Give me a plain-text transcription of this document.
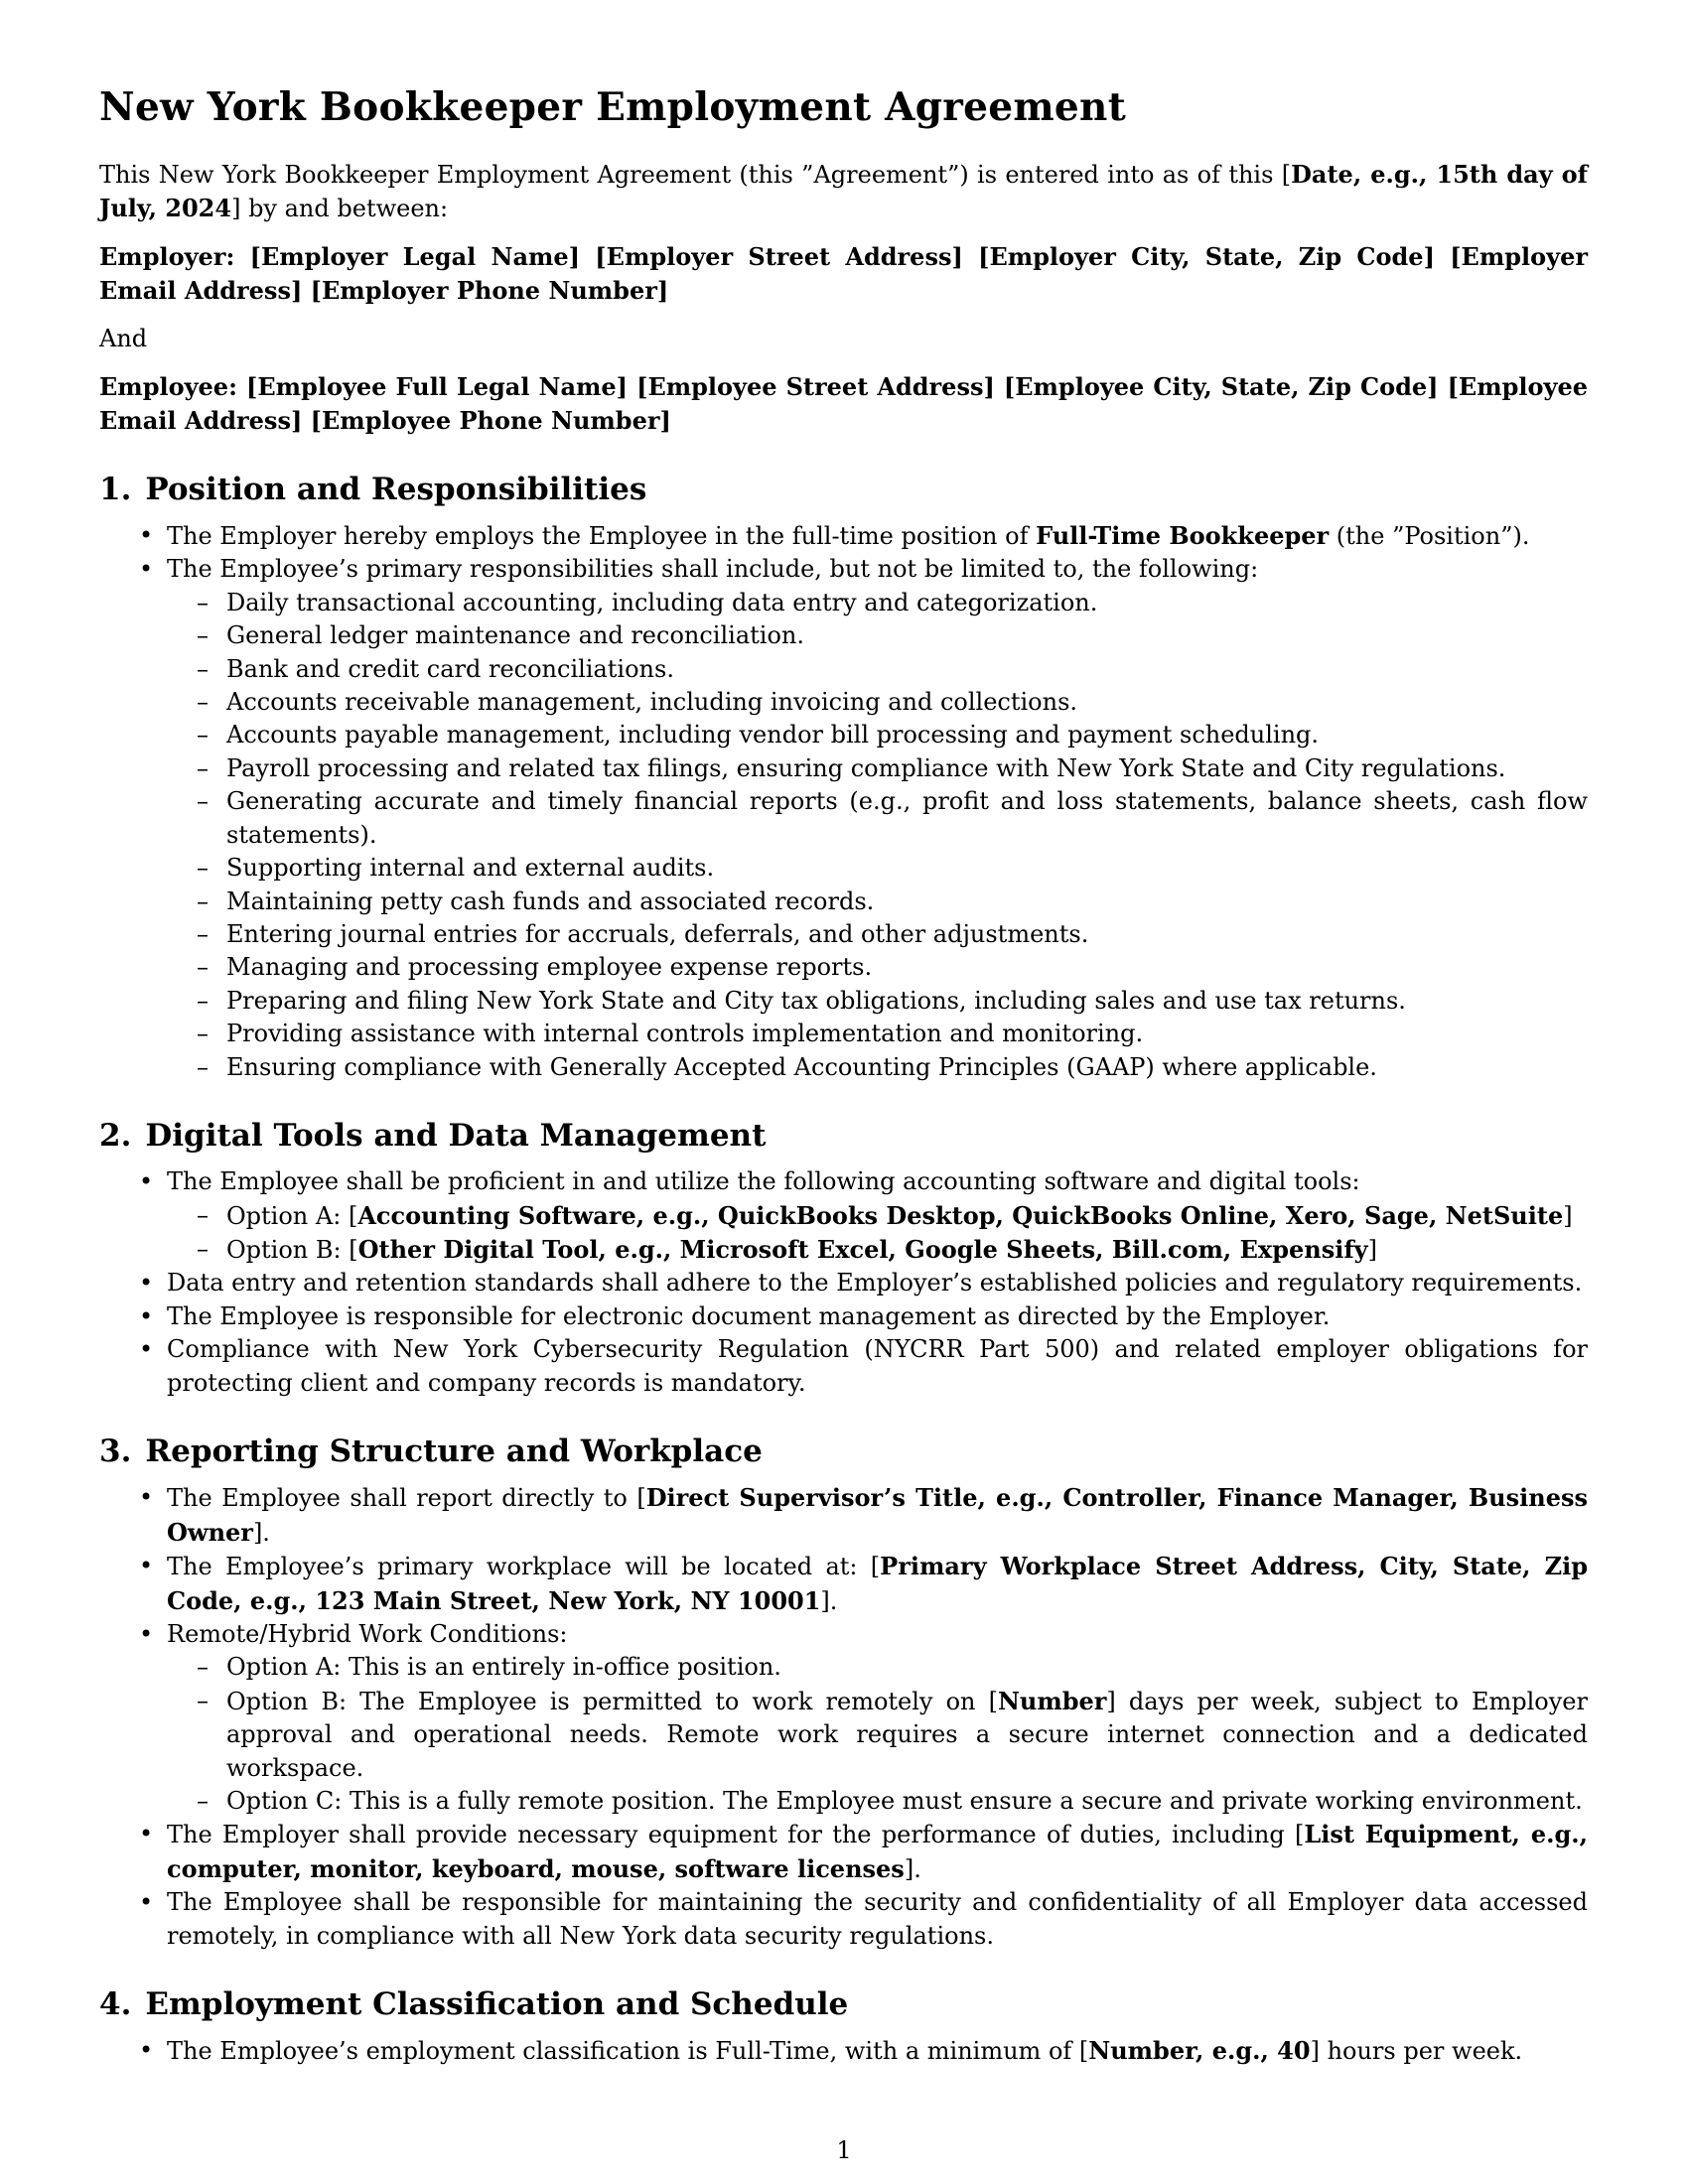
New York Bookkeeper Employment Agreement

This New York Bookkeeper Employment Agreement (this ”Agreement”) is entered into as of this [Date, e.g., 15th day of July, 2024] by and between:

Employer: [Employer Legal Name] [Employer Street Address] [Employer City, State, Zip Code] [Employer Email Address] [Employer Phone Number]

And

Employee: [Employee Full Legal Name] [Employee Street Address] [Employee City, State, Zip Code] [Employee Email Address] [Employee Phone Number]

1. Position and Responsibilities
• The Employer hereby employs the Employee in the full-time position of Full-Time Bookkeeper (the ”Position”).
• The Employee’s primary responsibilities shall include, but not be limited to, the following:
– Daily transactional accounting, including data entry and categorization.
– General ledger maintenance and reconciliation.
– Bank and credit card reconciliations.
– Accounts receivable management, including invoicing and collections.
– Accounts payable management, including vendor bill processing and payment scheduling.
– Payroll processing and related tax filings, ensuring compliance with New York State and City regulations.
– Generating accurate and timely financial reports (e.g., profit and loss statements, balance sheets, cash flow statements).
– Supporting internal and external audits.
– Maintaining petty cash funds and associated records.
– Entering journal entries for accruals, deferrals, and other adjustments.
– Managing and processing employee expense reports.
– Preparing and filing New York State and City tax obligations, including sales and use tax returns.
– Providing assistance with internal controls implementation and monitoring.
– Ensuring compliance with Generally Accepted Accounting Principles (GAAP) where applicable.
2. Digital Tools and Data Management
• The Employee shall be proficient in and utilize the following accounting software and digital tools:
– Option A: [Accounting Software, e.g., QuickBooks Desktop, QuickBooks Online, Xero, Sage, NetSuite]
– Option B: [Other Digital Tool, e.g., Microsoft Excel, Google Sheets, Bill.com, Expensify]
• Data entry and retention standards shall adhere to the Employer’s established policies and regulatory requirements.
• The Employee is responsible for electronic document management as directed by the Employer.
• Compliance with New York Cybersecurity Regulation (NYCRR Part 500) and related employer obligations for protecting client and company records is mandatory.
3. Reporting Structure and Workplace
• The Employee shall report directly to [Direct Supervisor’s Title, e.g., Controller, Finance Manager, Business Owner].
• The Employee’s primary workplace will be located at: [Primary Workplace Street Address, City, State, Zip Code, e.g., 123 Main Street, New York, NY 10001].
• Remote/Hybrid Work Conditions:
– Option A: This is an entirely in-office position.
– Option B: The Employee is permitted to work remotely on [Number] days per week, subject to Employer approval and operational needs. Remote work requires a secure internet connection and a dedicated workspace.
– Option C: This is a fully remote position. The Employee must ensure a secure and private working environment.
• The Employer shall provide necessary equipment for the performance of duties, including [List Equipment, e.g., computer, monitor, keyboard, mouse, software licenses].
• The Employee shall be responsible for maintaining the security and confidentiality of all Employer data accessed remotely, in compliance with all New York data security regulations.
4. Employment Classification and Schedule
• The Employee’s employment classification is Full-Time, with a minimum of [Number, e.g., 40] hours per week.
1
